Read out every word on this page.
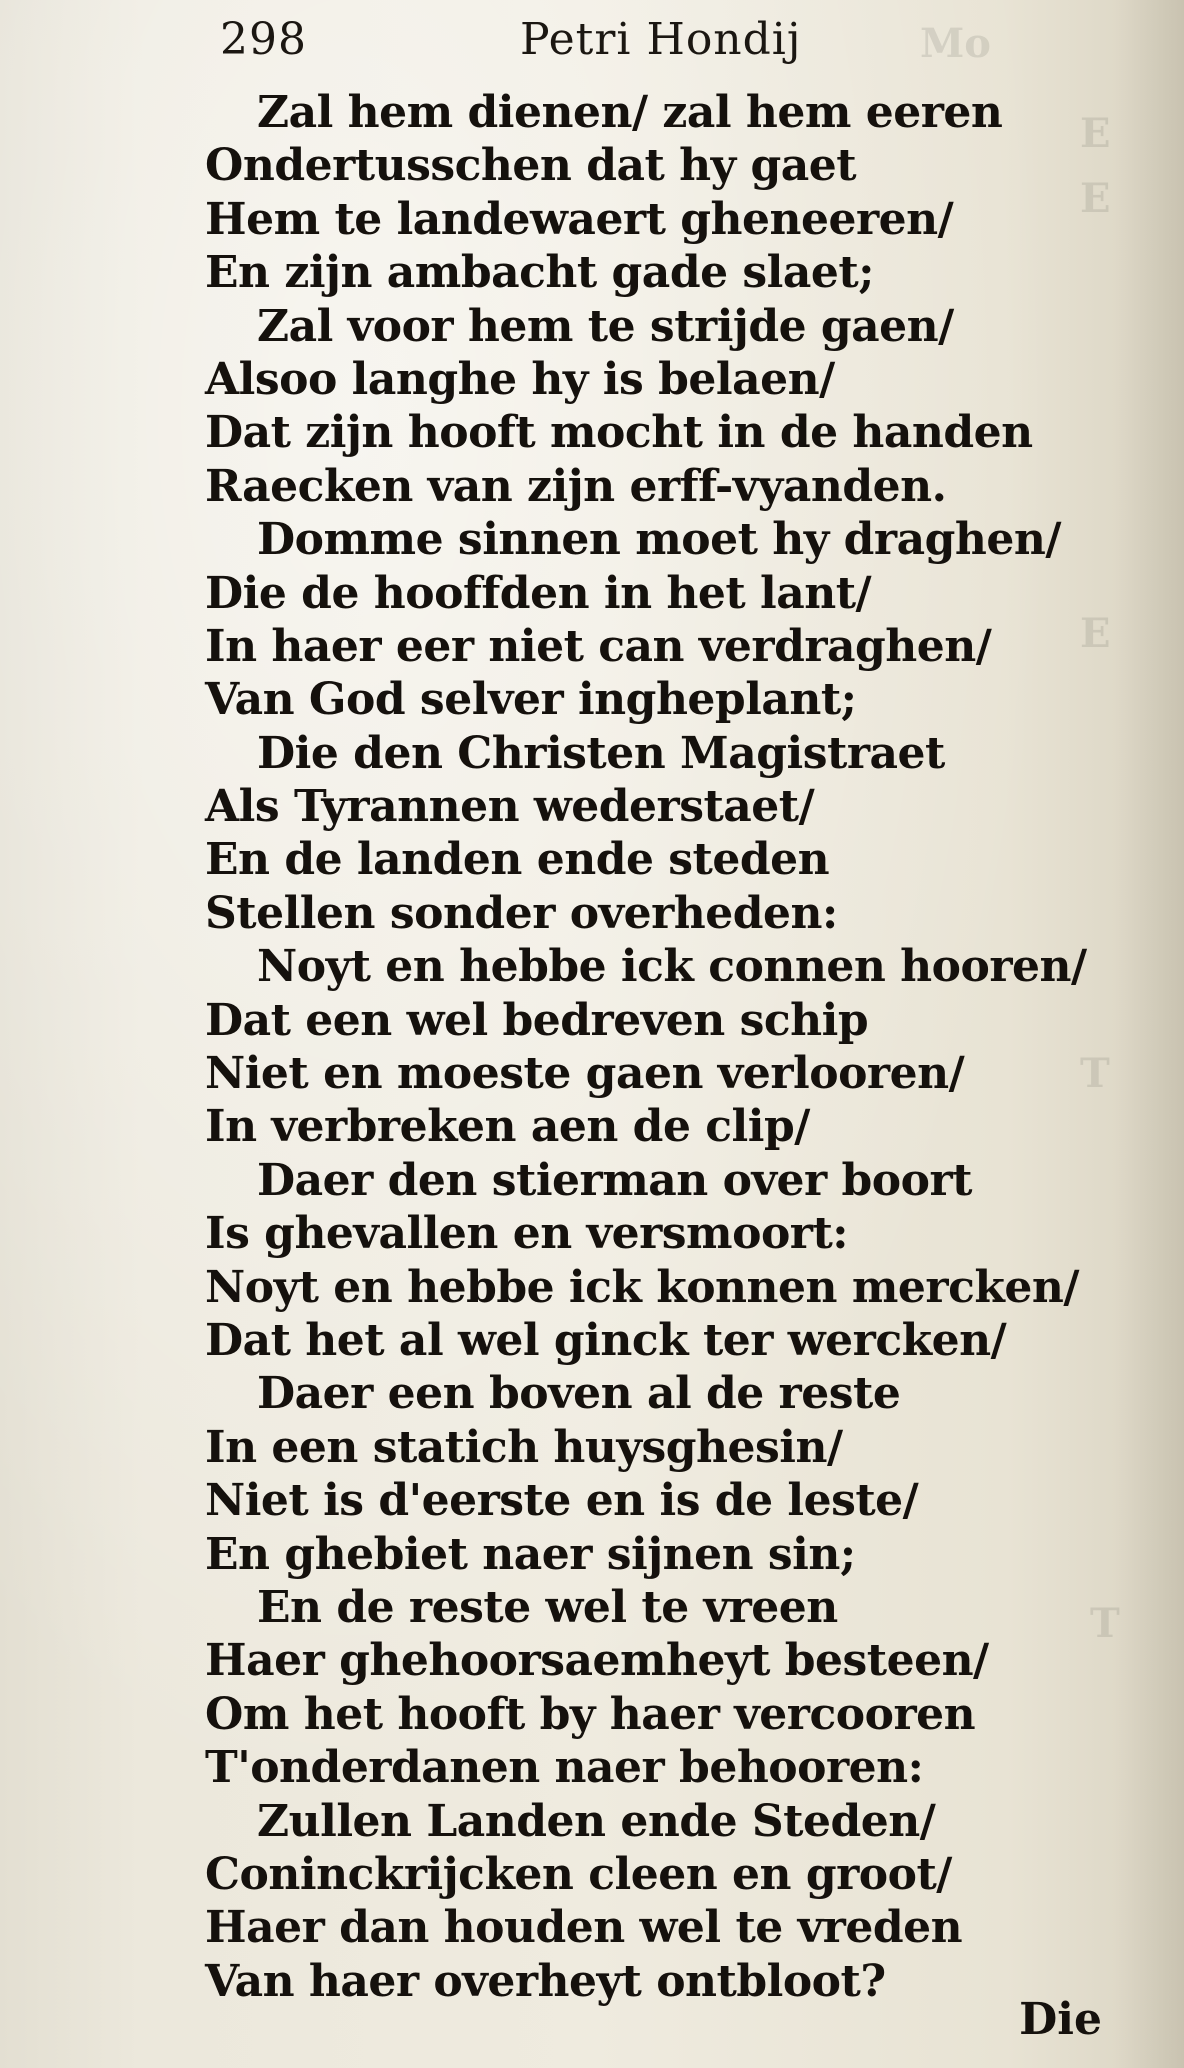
Mo
E
E
E
T
T
298	Petri Hondij
Zal hem dienen/ zal hem eeren
Ondertusschen dat hy gaet
Hem te landewaert gheneeren/
En zijn ambacht gade slaet;
Zal voor hem te strijde gaen/
Alsoo langhe hy is belaen/
Dat zijn hooft mocht in de handen
Raecken van zijn erff-vyanden.
Domme sinnen moet hy draghen/
Die de hooffden in het lant/
In haer eer niet can verdraghen/
Van God selver ingheplant;
Die den Christen Magistraet
Als Tyrannen wederstaet/
En de landen ende steden
Stellen sonder overheden:
Noyt en hebbe ick connen hooren/
Dat een wel bedreven schip
Niet en moeste gaen verlooren/
In verbreken aen de clip/
Daer den stierman over boort
Is ghevallen en versmoort:
Noyt en hebbe ick konnen mercken/
Dat het al wel ginck ter wercken/
Daer een boven al de reste
In een statich huysghesin/
Niet is d'eerste en is de leste/
En ghebiet naer sijnen sin;
En de reste wel te vreen
Haer ghehoorsaemheyt besteen/
Om het hooft by haer vercooren
T'onderdanen naer behooren:
Zullen Landen ende Steden/
Coninckrijcken cleen en groot/
Haer dan houden wel te vreden
Van haer overheyt ontbloot?
Die
